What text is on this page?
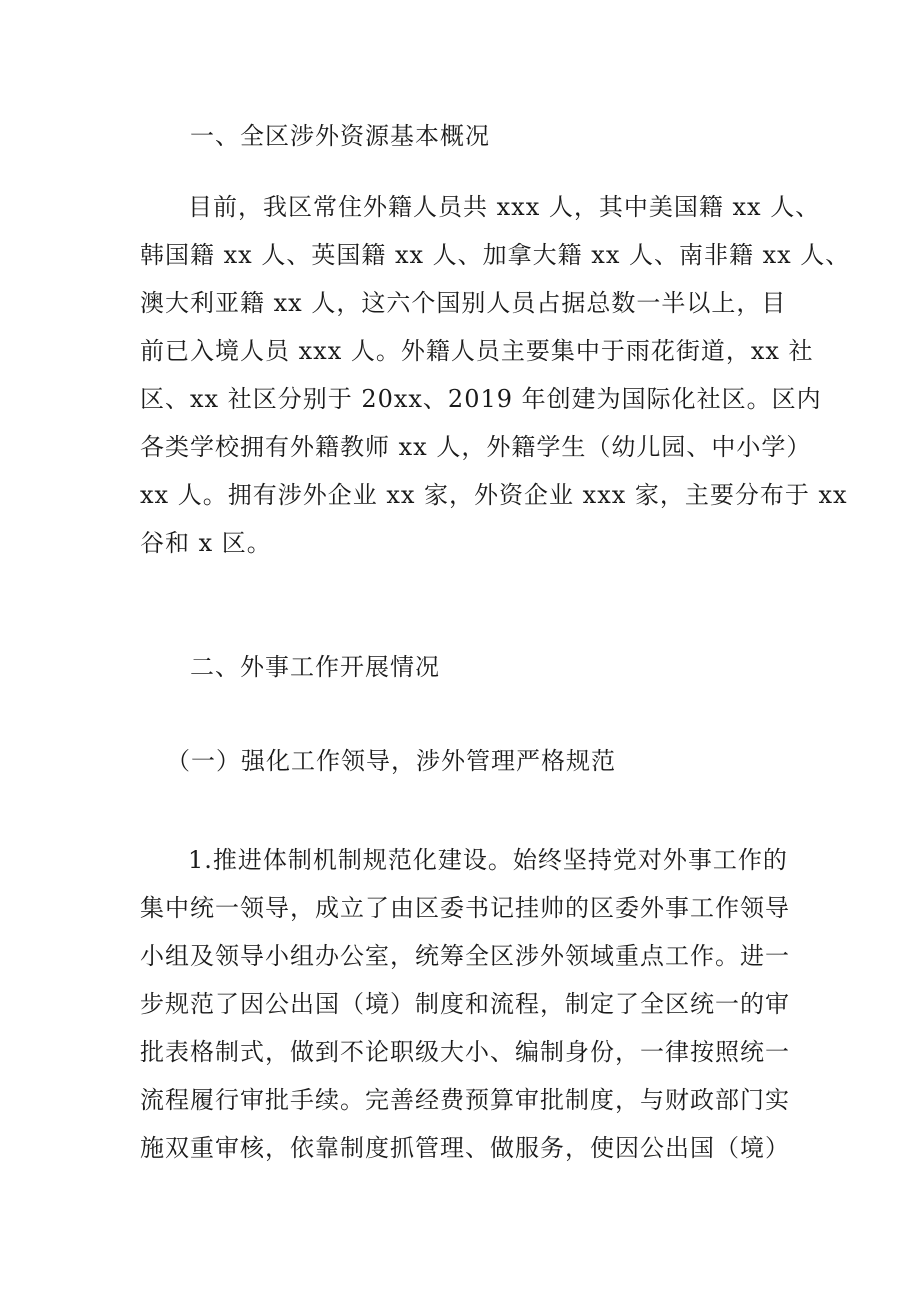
一、全区涉外资源基本概况
目前，我区常住外籍人员共 xxx 人，其中美国籍 xx 人、
韩国籍 xx 人、英国籍 xx 人、加拿大籍 xx 人、南非籍 xx 人、
澳大利亚籍 xx 人，这六个国别人员占据总数一半以上，目
前已入境人员 xxx 人。外籍人员主要集中于雨花街道，xx 社
区、xx 社区分别于 20xx、2019 年创建为国际化社区。区内
各类学校拥有外籍教师 xx 人，外籍学生（幼儿园、中小学）
xx 人。拥有涉外企业 xx 家，外资企业 xxx 家，主要分布于 xx
谷和 x 区。
二、外事工作开展情况
（一）强化工作领导，涉外管理严格规范
1.推进体制机制规范化建设。始终坚持党对外事工作的
集中统一领导，成立了由区委书记挂帅的区委外事工作领导
小组及领导小组办公室，统筹全区涉外领域重点工作。进一
步规范了因公出国（境）制度和流程，制定了全区统一的审
批表格制式，做到不论职级大小、编制身份，一律按照统一
流程履行审批手续。完善经费预算审批制度，与财政部门实
施双重审核，依靠制度抓管理、做服务，使因公出国（境）
